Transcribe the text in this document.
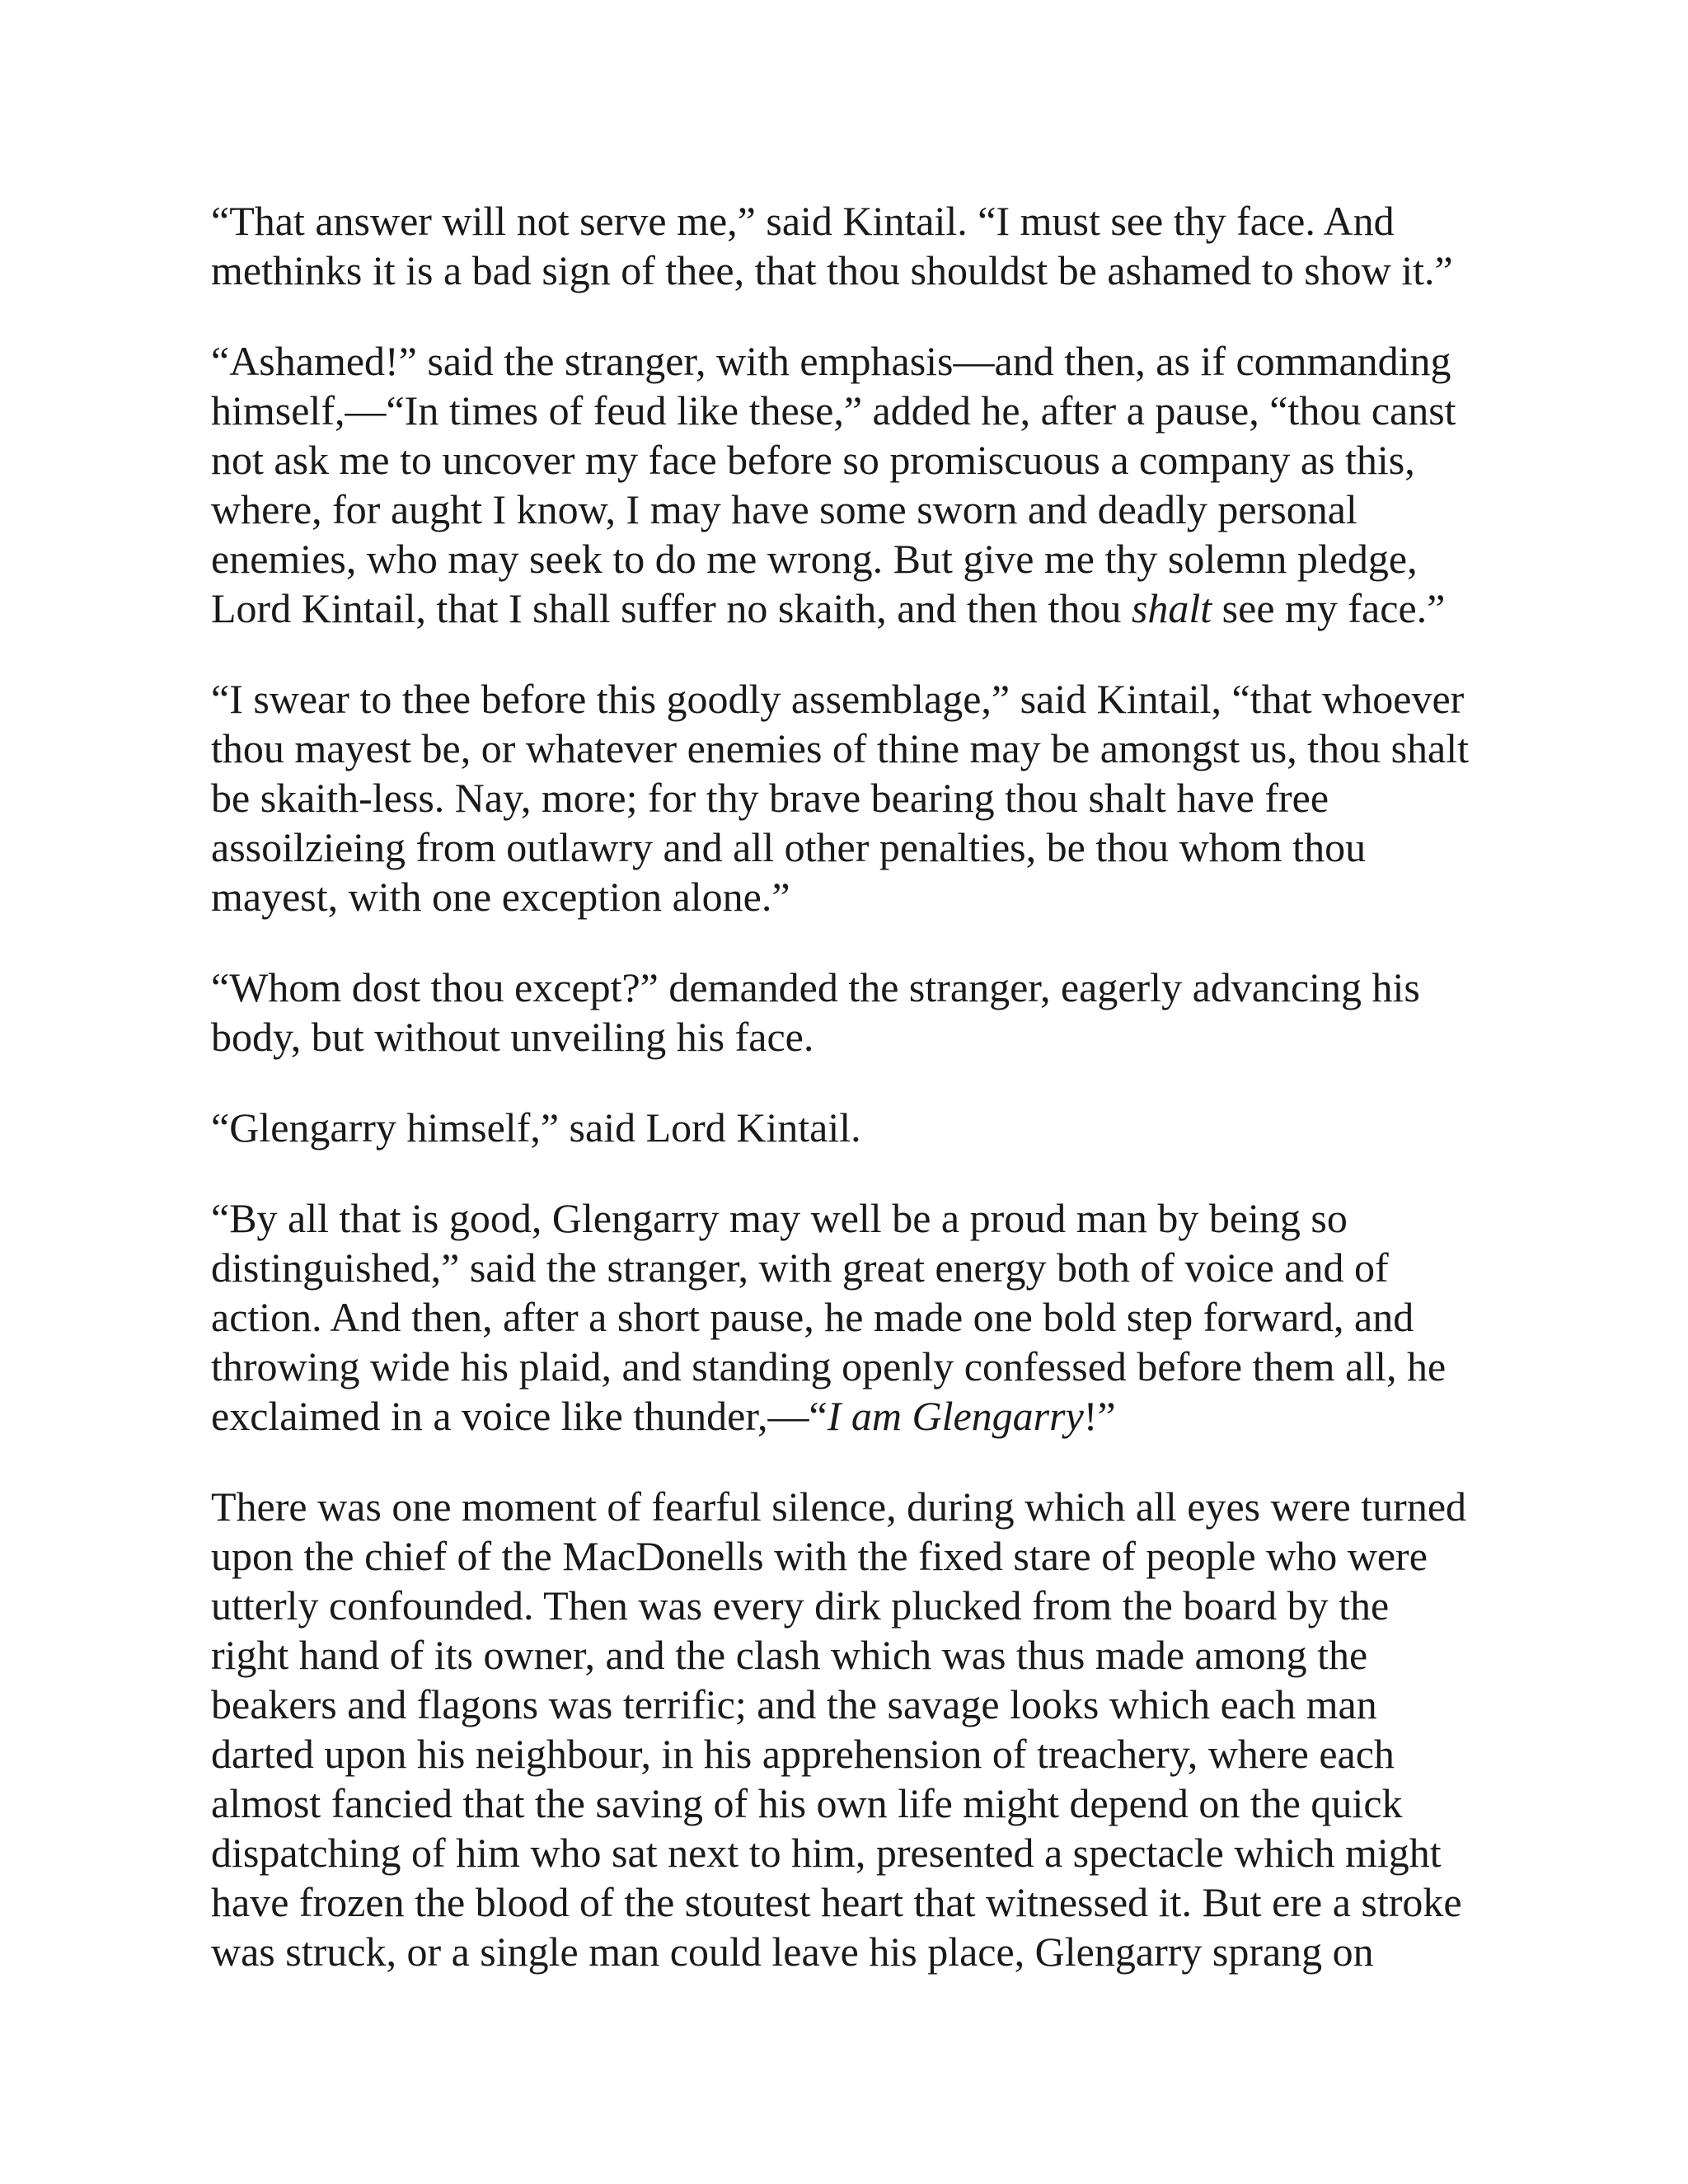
“That answer will not serve me,” said Kintail. “I must see thy face. And
methinks it is a bad sign of thee, that thou shouldst be ashamed to show it.”

“Ashamed!” said the stranger, with emphasis—and then, as if commanding
himself,—“In times of feud like these,” added he, after a pause, “thou canst
not ask me to uncover my face before so promiscuous a company as this,
where, for aught I know, I may have some sworn and deadly personal
enemies, who may seek to do me wrong. But give me thy solemn pledge,
Lord Kintail, that I shall suffer no skaith, and then thou shalt see my face.”

“I swear to thee before this goodly assemblage,” said Kintail, “that whoever
thou mayest be, or whatever enemies of thine may be amongst us, thou shalt
be skaith-less. Nay, more; for thy brave bearing thou shalt have free
assoilzieing from outlawry and all other penalties, be thou whom thou
mayest, with one exception alone.”

“Whom dost thou except?” demanded the stranger, eagerly advancing his
body, but without unveiling his face.

“Glengarry himself,” said Lord Kintail.

“By all that is good, Glengarry may well be a proud man by being so
distinguished,” said the stranger, with great energy both of voice and of
action. And then, after a short pause, he made one bold step forward, and
throwing wide his plaid, and standing openly confessed before them all, he
exclaimed in a voice like thunder,—“I am Glengarry!”

There was one moment of fearful silence, during which all eyes were turned
upon the chief of the MacDonells with the fixed stare of people who were
utterly confounded. Then was every dirk plucked from the board by the
right hand of its owner, and the clash which was thus made among the
beakers and flagons was terrific; and the savage looks which each man
darted upon his neighbour, in his apprehension of treachery, where each
almost fancied that the saving of his own life might depend on the quick
dispatching of him who sat next to him, presented a spectacle which might
have frozen the blood of the stoutest heart that witnessed it. But ere a stroke
was struck, or a single man could leave his place, Glengarry sprang on
